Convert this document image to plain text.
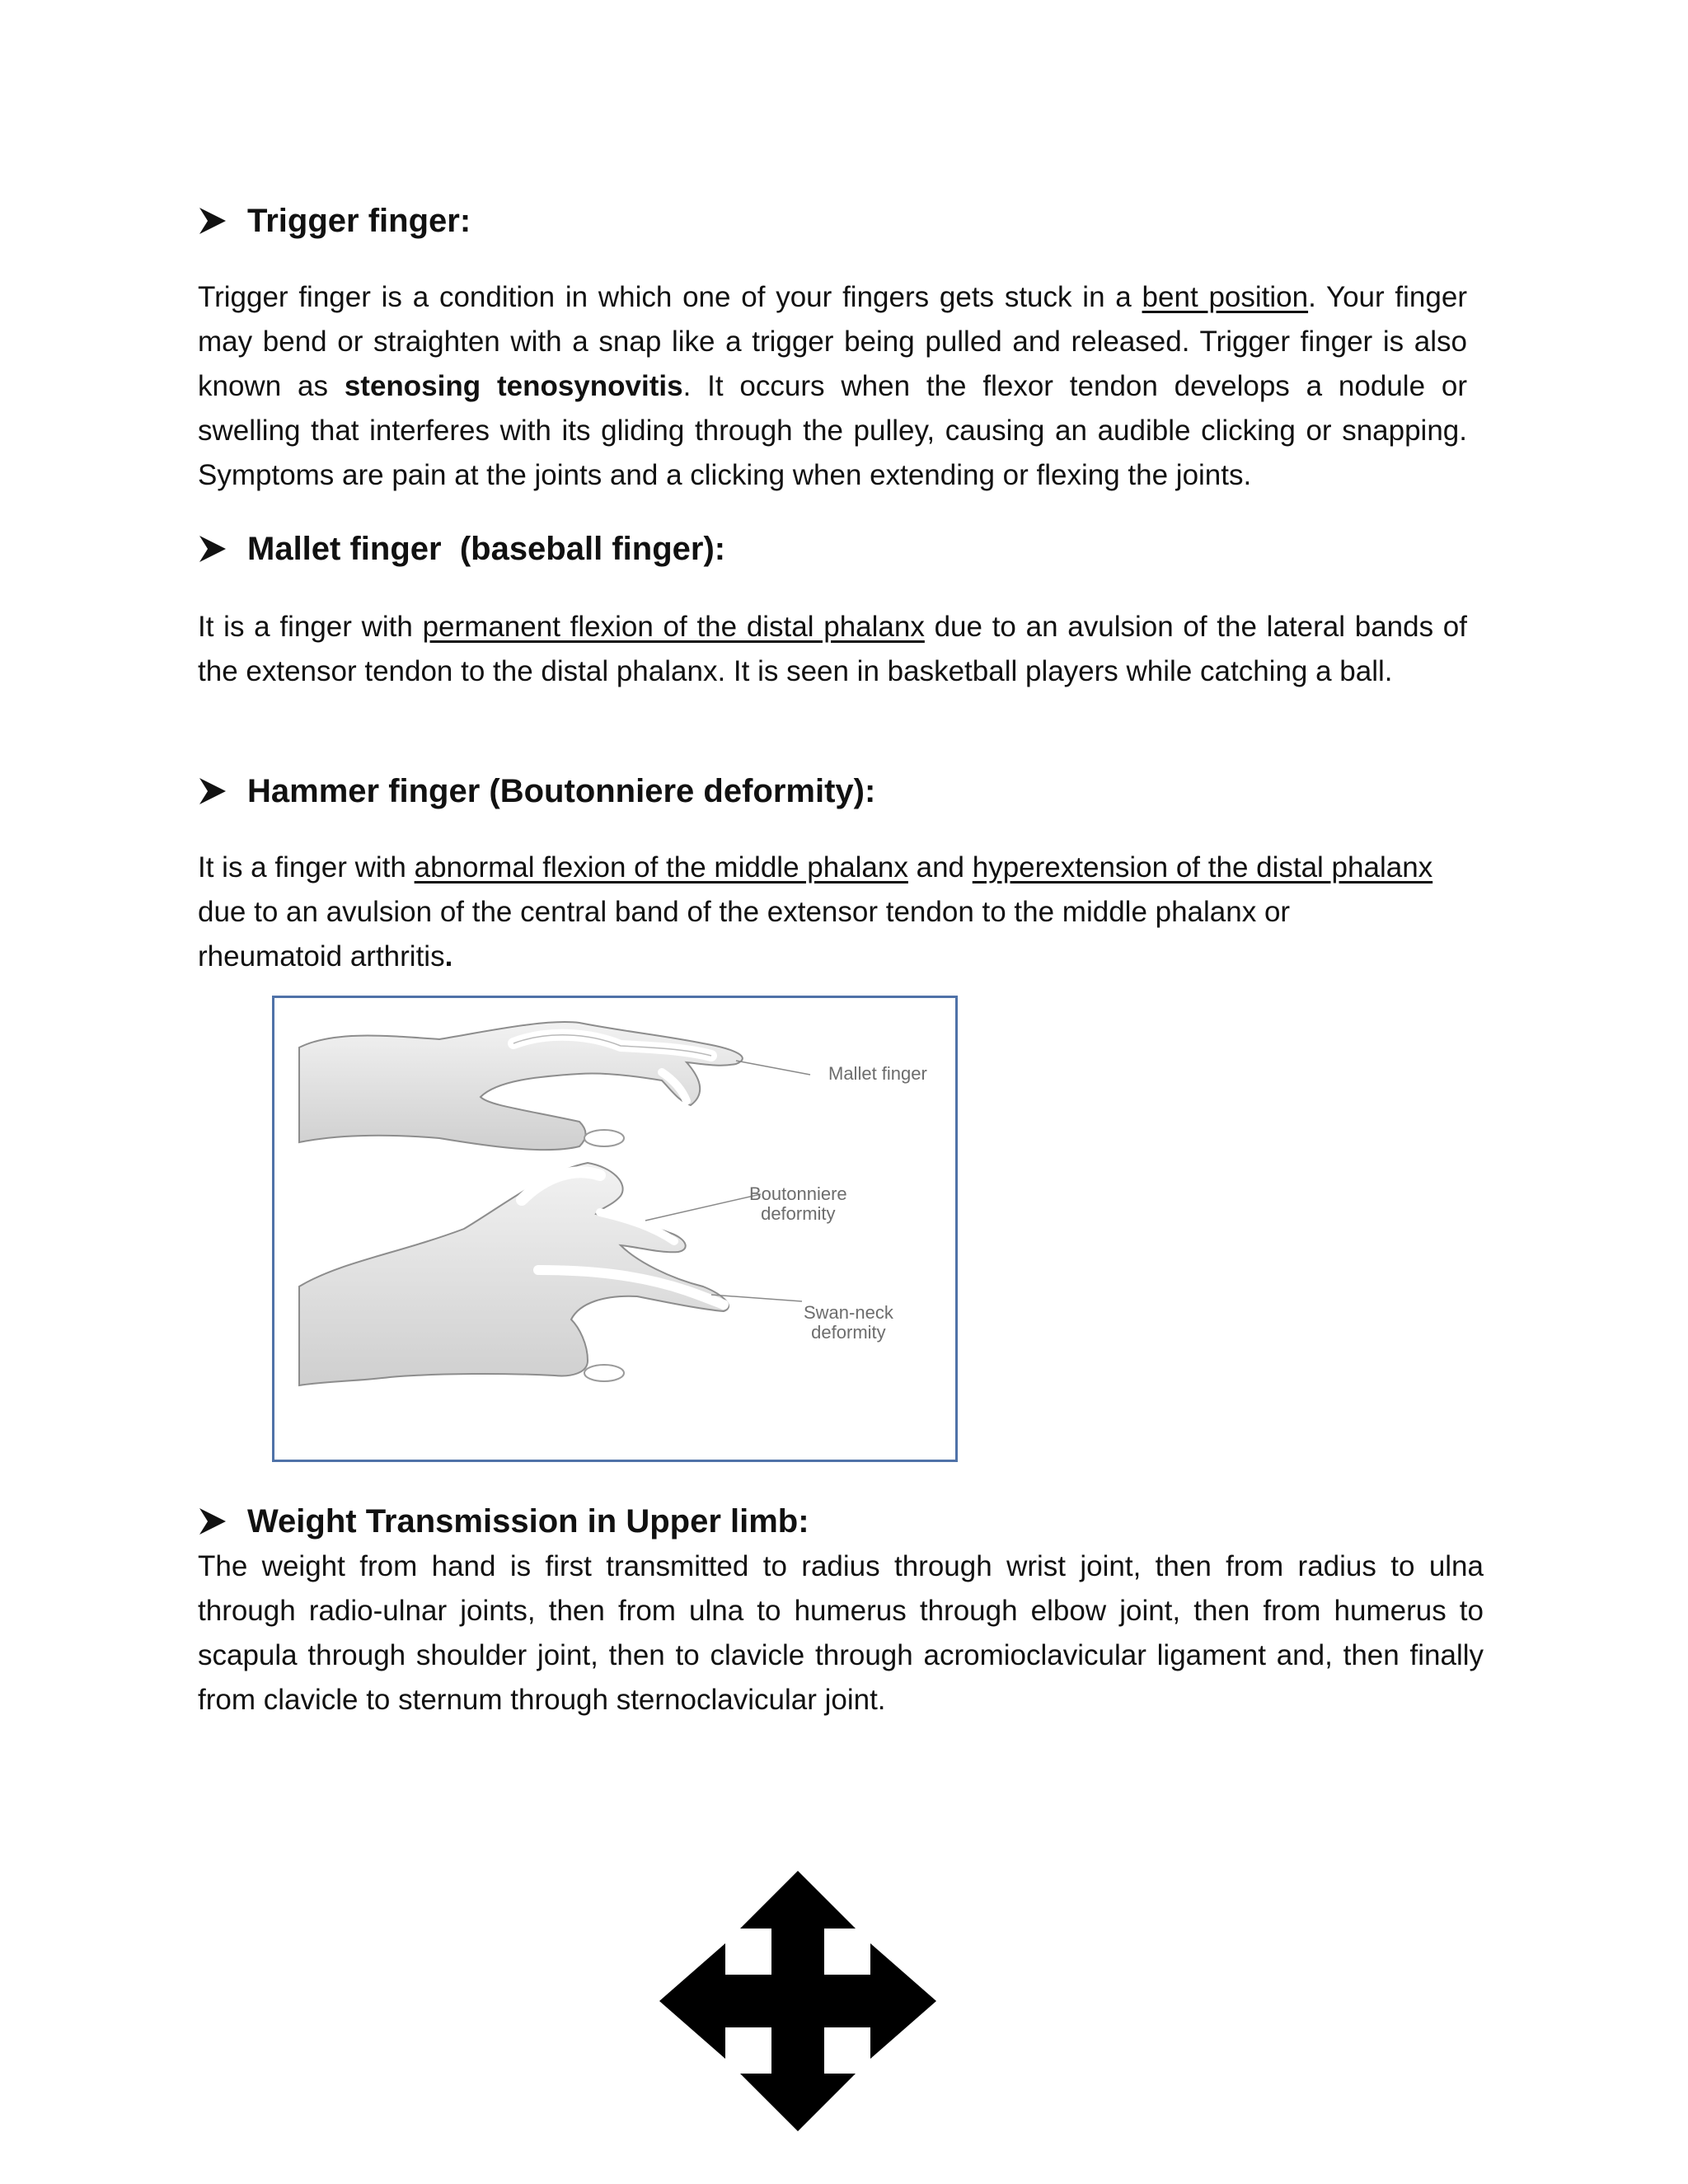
Trigger finger:
Trigger finger is a condition in which one of your fingers gets stuck in a bent position. Your finger may bend or straighten with a snap like a trigger being pulled and released. Trigger finger is also known as stenosing tenosynovitis. It occurs when the flexor tendon develops a nodule or swelling that interferes with its gliding through the pulley, causing an audible clicking or snapping. Symptoms are pain at the joints and a clicking when extending or flexing the joints.
Mallet finger  (baseball finger):
It is a finger with permanent flexion of the distal phalanx due to an avulsion of the lateral bands of the extensor tendon to the distal phalanx. It is seen in basketball players while catching a ball.
Hammer finger (Boutonniere deformity):
It is a finger with abnormal flexion of the middle phalanx and hyperextension of the distal phalanx due to an avulsion of the central band of the extensor tendon to the middle phalanx or rheumatoid arthritis.
Mallet finger
Boutonniere
deformity
Swan-neck
deformity
Weight Transmission in Upper limb:
The weight from hand is first transmitted to radius through wrist joint, then from radius to ulna through radio-ulnar joints, then from ulna to humerus through elbow joint, then from humerus to scapula through shoulder joint, then to clavicle through acromioclavicular ligament and, then finally from clavicle to sternum through sternoclavicular joint.
